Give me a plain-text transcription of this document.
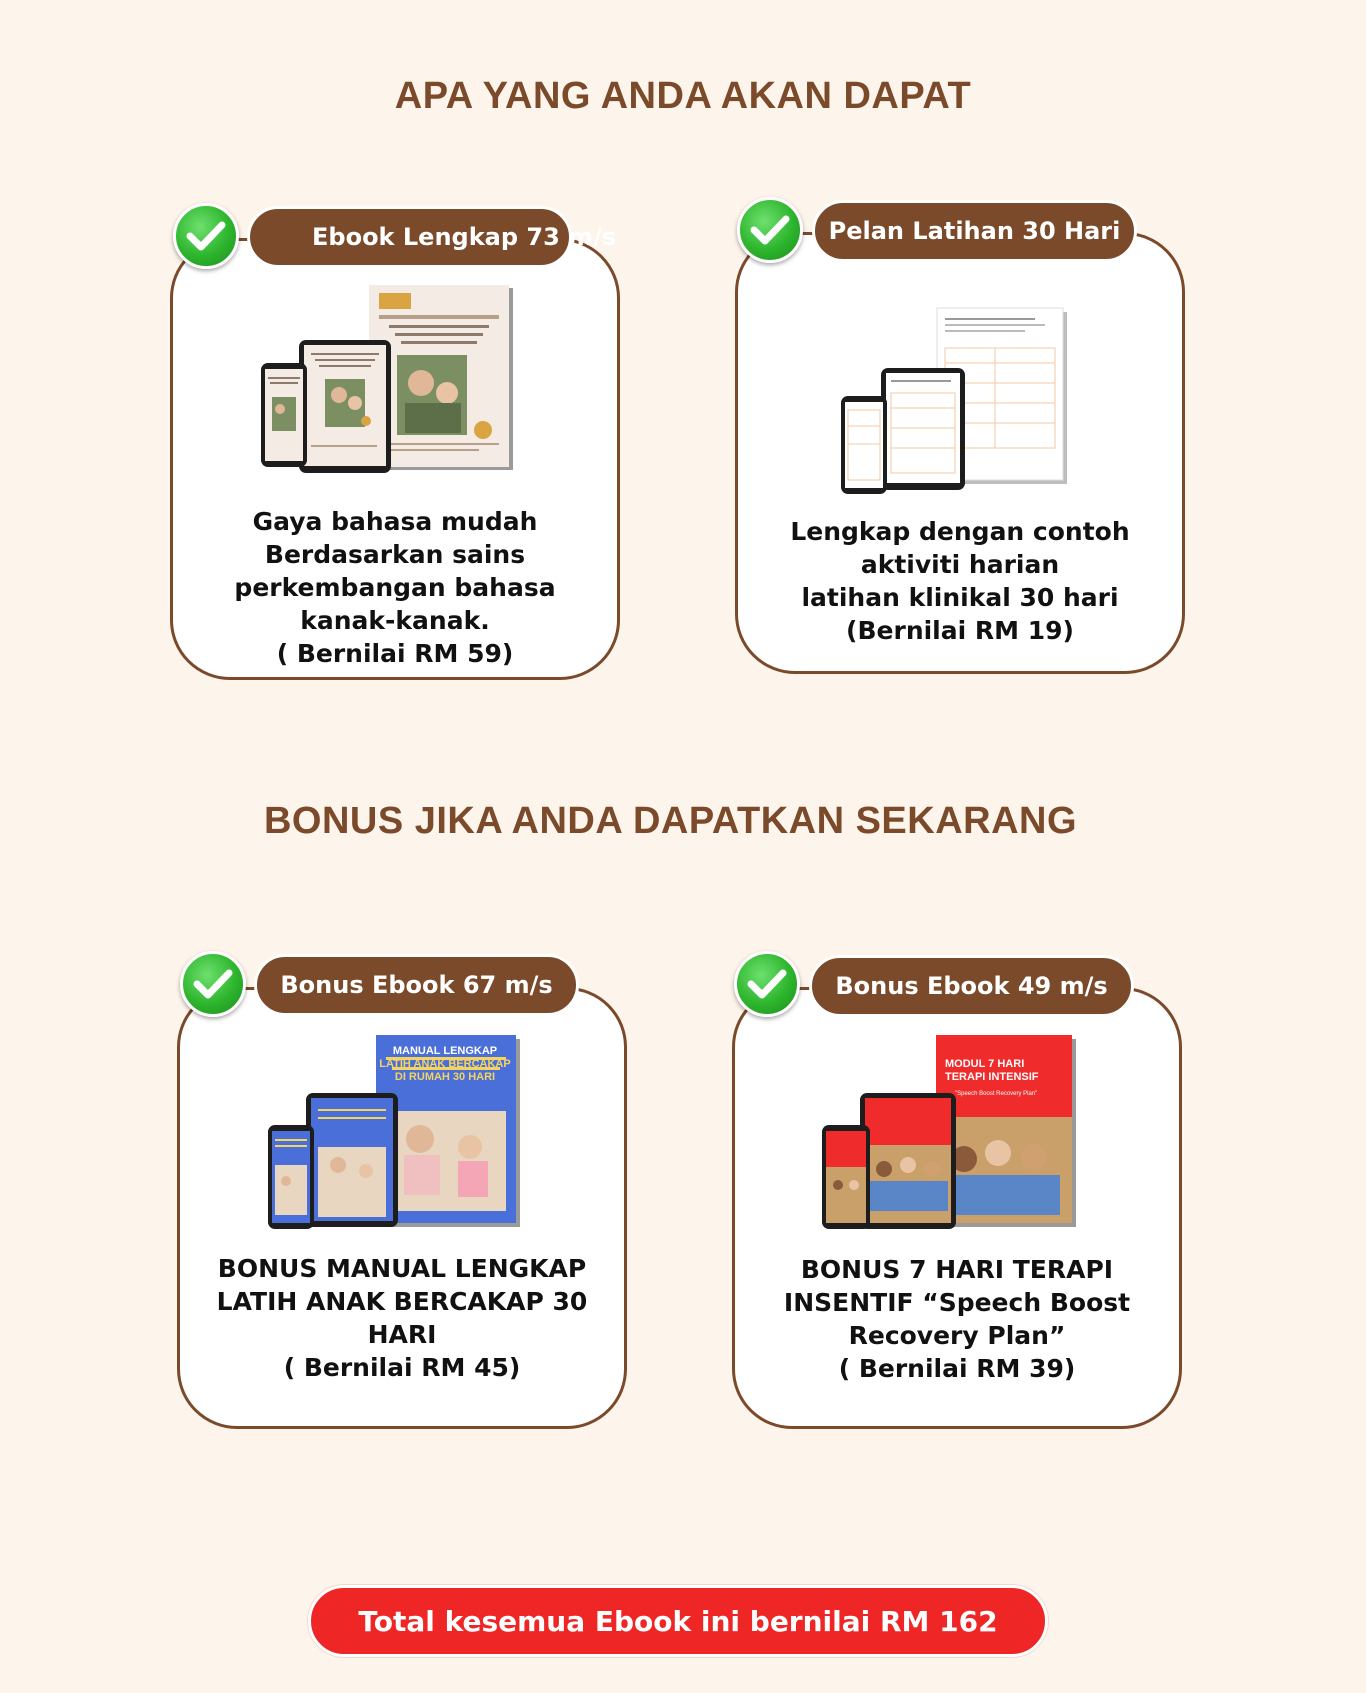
APA YANG ANDA AKAN DAPAT
Ebook Lengkap 73 m/s
Gaya bahasa mudah
Berdasarkan sains
perkembangan bahasa
kanak-kanak.
( Bernilai RM 59)
Pelan Latihan 30 Hari
Lengkap dengan contoh
aktiviti harian
latihan klinikal 30 hari
(Bernilai RM 19)
BONUS JIKA ANDA DAPATKAN SEKARANG
Bonus Ebook 67 m/s
MANUAL LENGKAP
LATIH ANAK BERCAKAP DI RUMAH 30 HARI
BONUS MANUAL LENGKAP
LATIH ANAK BERCAKAP 30
HARI
( Bernilai RM 45)
Bonus Ebook 49 m/s
MODUL 7 HARI TERAPI INTENSIF
"Speech Boost Recovery Plan"
BONUS 7 HARI TERAPI
INSENTIF “Speech Boost
Recovery Plan”
( Bernilai RM 39)
Total kesemua Ebook ini bernilai RM 162
